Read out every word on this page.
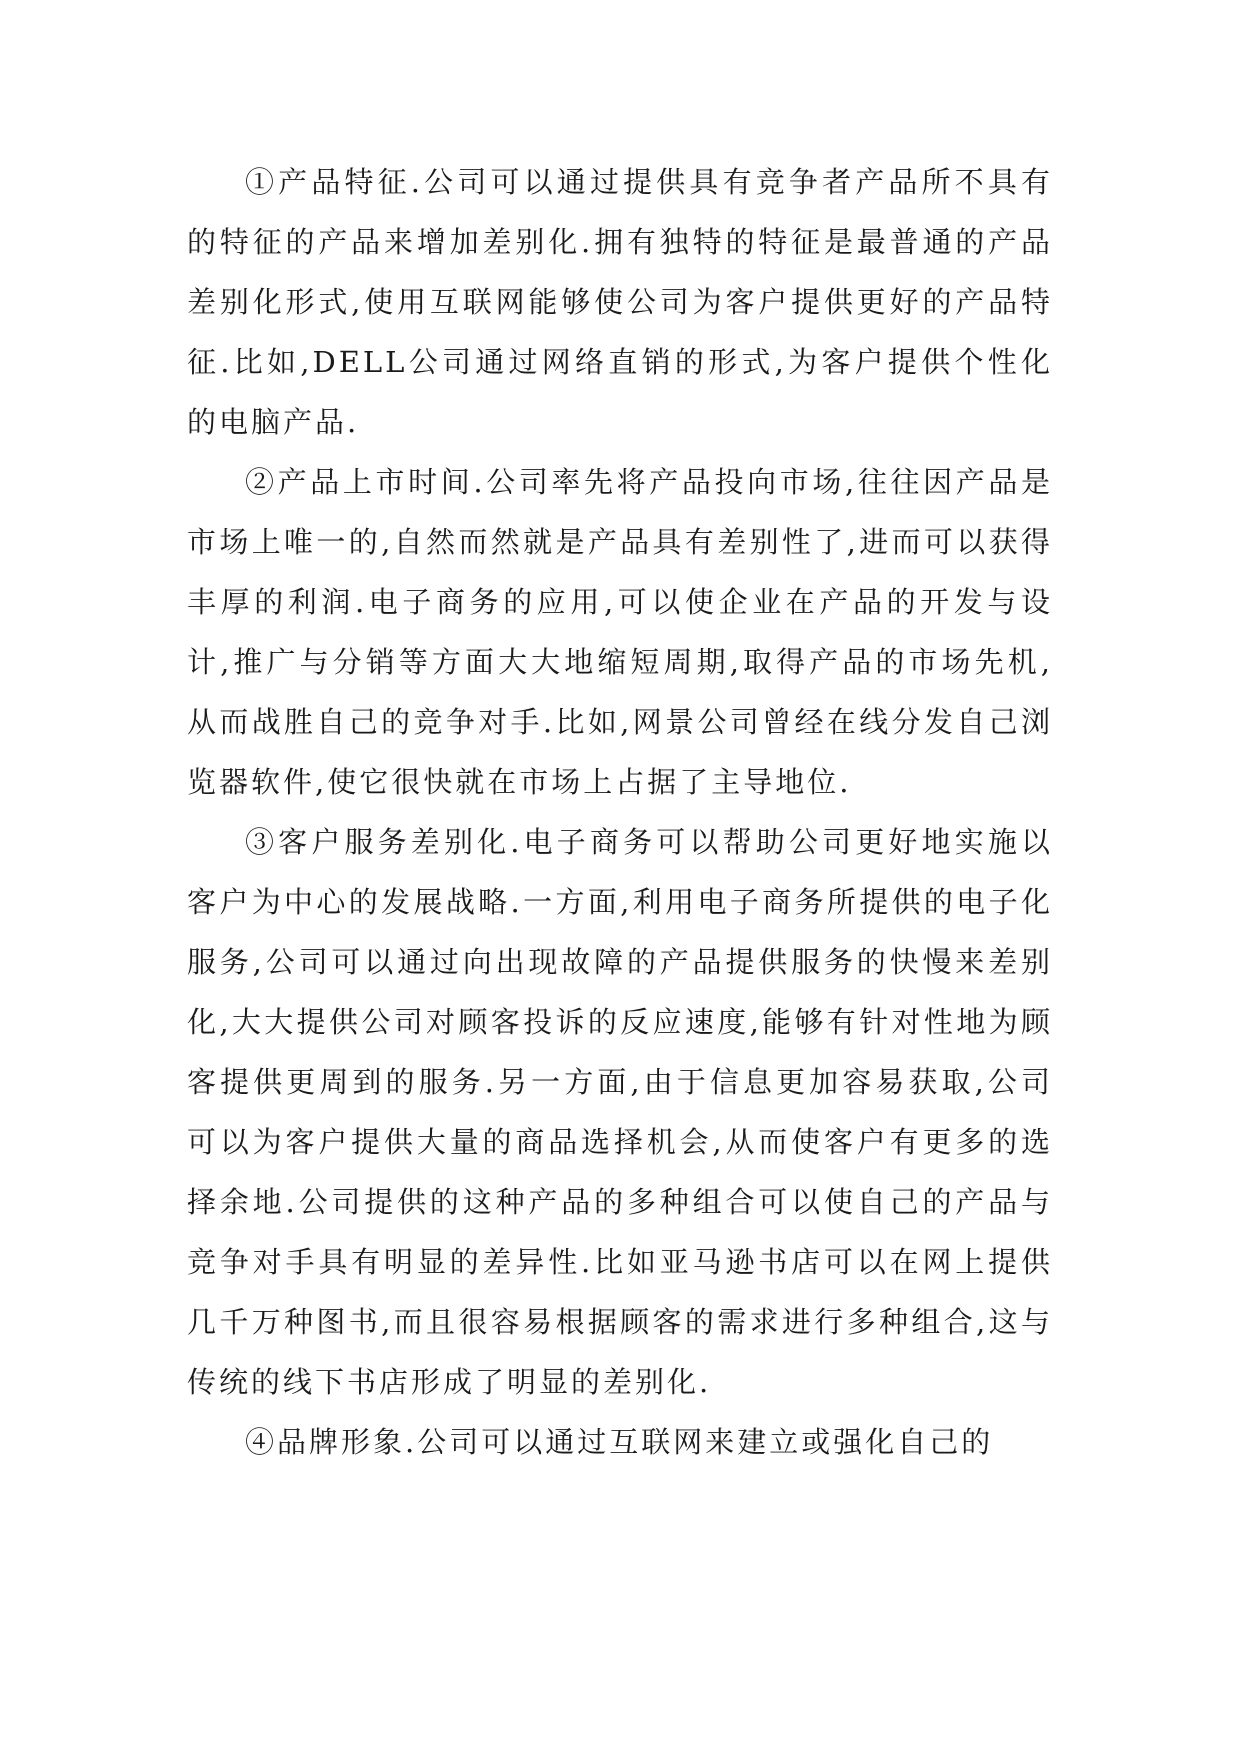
①产品特征.公司可以通过提供具有竞争者产品所不具有的特征的产品来增加差别化.拥有独特的特征是最普通的产品差别化形式,使用互联网能够使公司为客户提供更好的产品特征.比如,DELL公司通过网络直销的形式,为客户提供个性化的电脑产品.

②产品上市时间.公司率先将产品投向市场,往往因产品是市场上唯一的,自然而然就是产品具有差别性了,进而可以获得丰厚的利润.电子商务的应用,可以使企业在产品的开发与设计,推广与分销等方面大大地缩短周期,取得产品的市场先机,从而战胜自己的竞争对手.比如,网景公司曾经在线分发自己浏览器软件,使它很快就在市场上占据了主导地位.

③客户服务差别化.电子商务可以帮助公司更好地实施以客户为中心的发展战略.一方面,利用电子商务所提供的电子化服务,公司可以通过向出现故障的产品提供服务的快慢来差别化,大大提供公司对顾客投诉的反应速度,能够有针对性地为顾客提供更周到的服务.另一方面,由于信息更加容易获取,公司可以为客户提供大量的商品选择机会,从而使客户有更多的选择余地.公司提供的这种产品的多种组合可以使自己的产品与竞争对手具有明显的差异性.比如亚马逊书店可以在网上提供几千万种图书,而且很容易根据顾客的需求进行多种组合,这与传统的线下书店形成了明显的差别化.

④品牌形象.公司可以通过互联网来建立或强化自己的
